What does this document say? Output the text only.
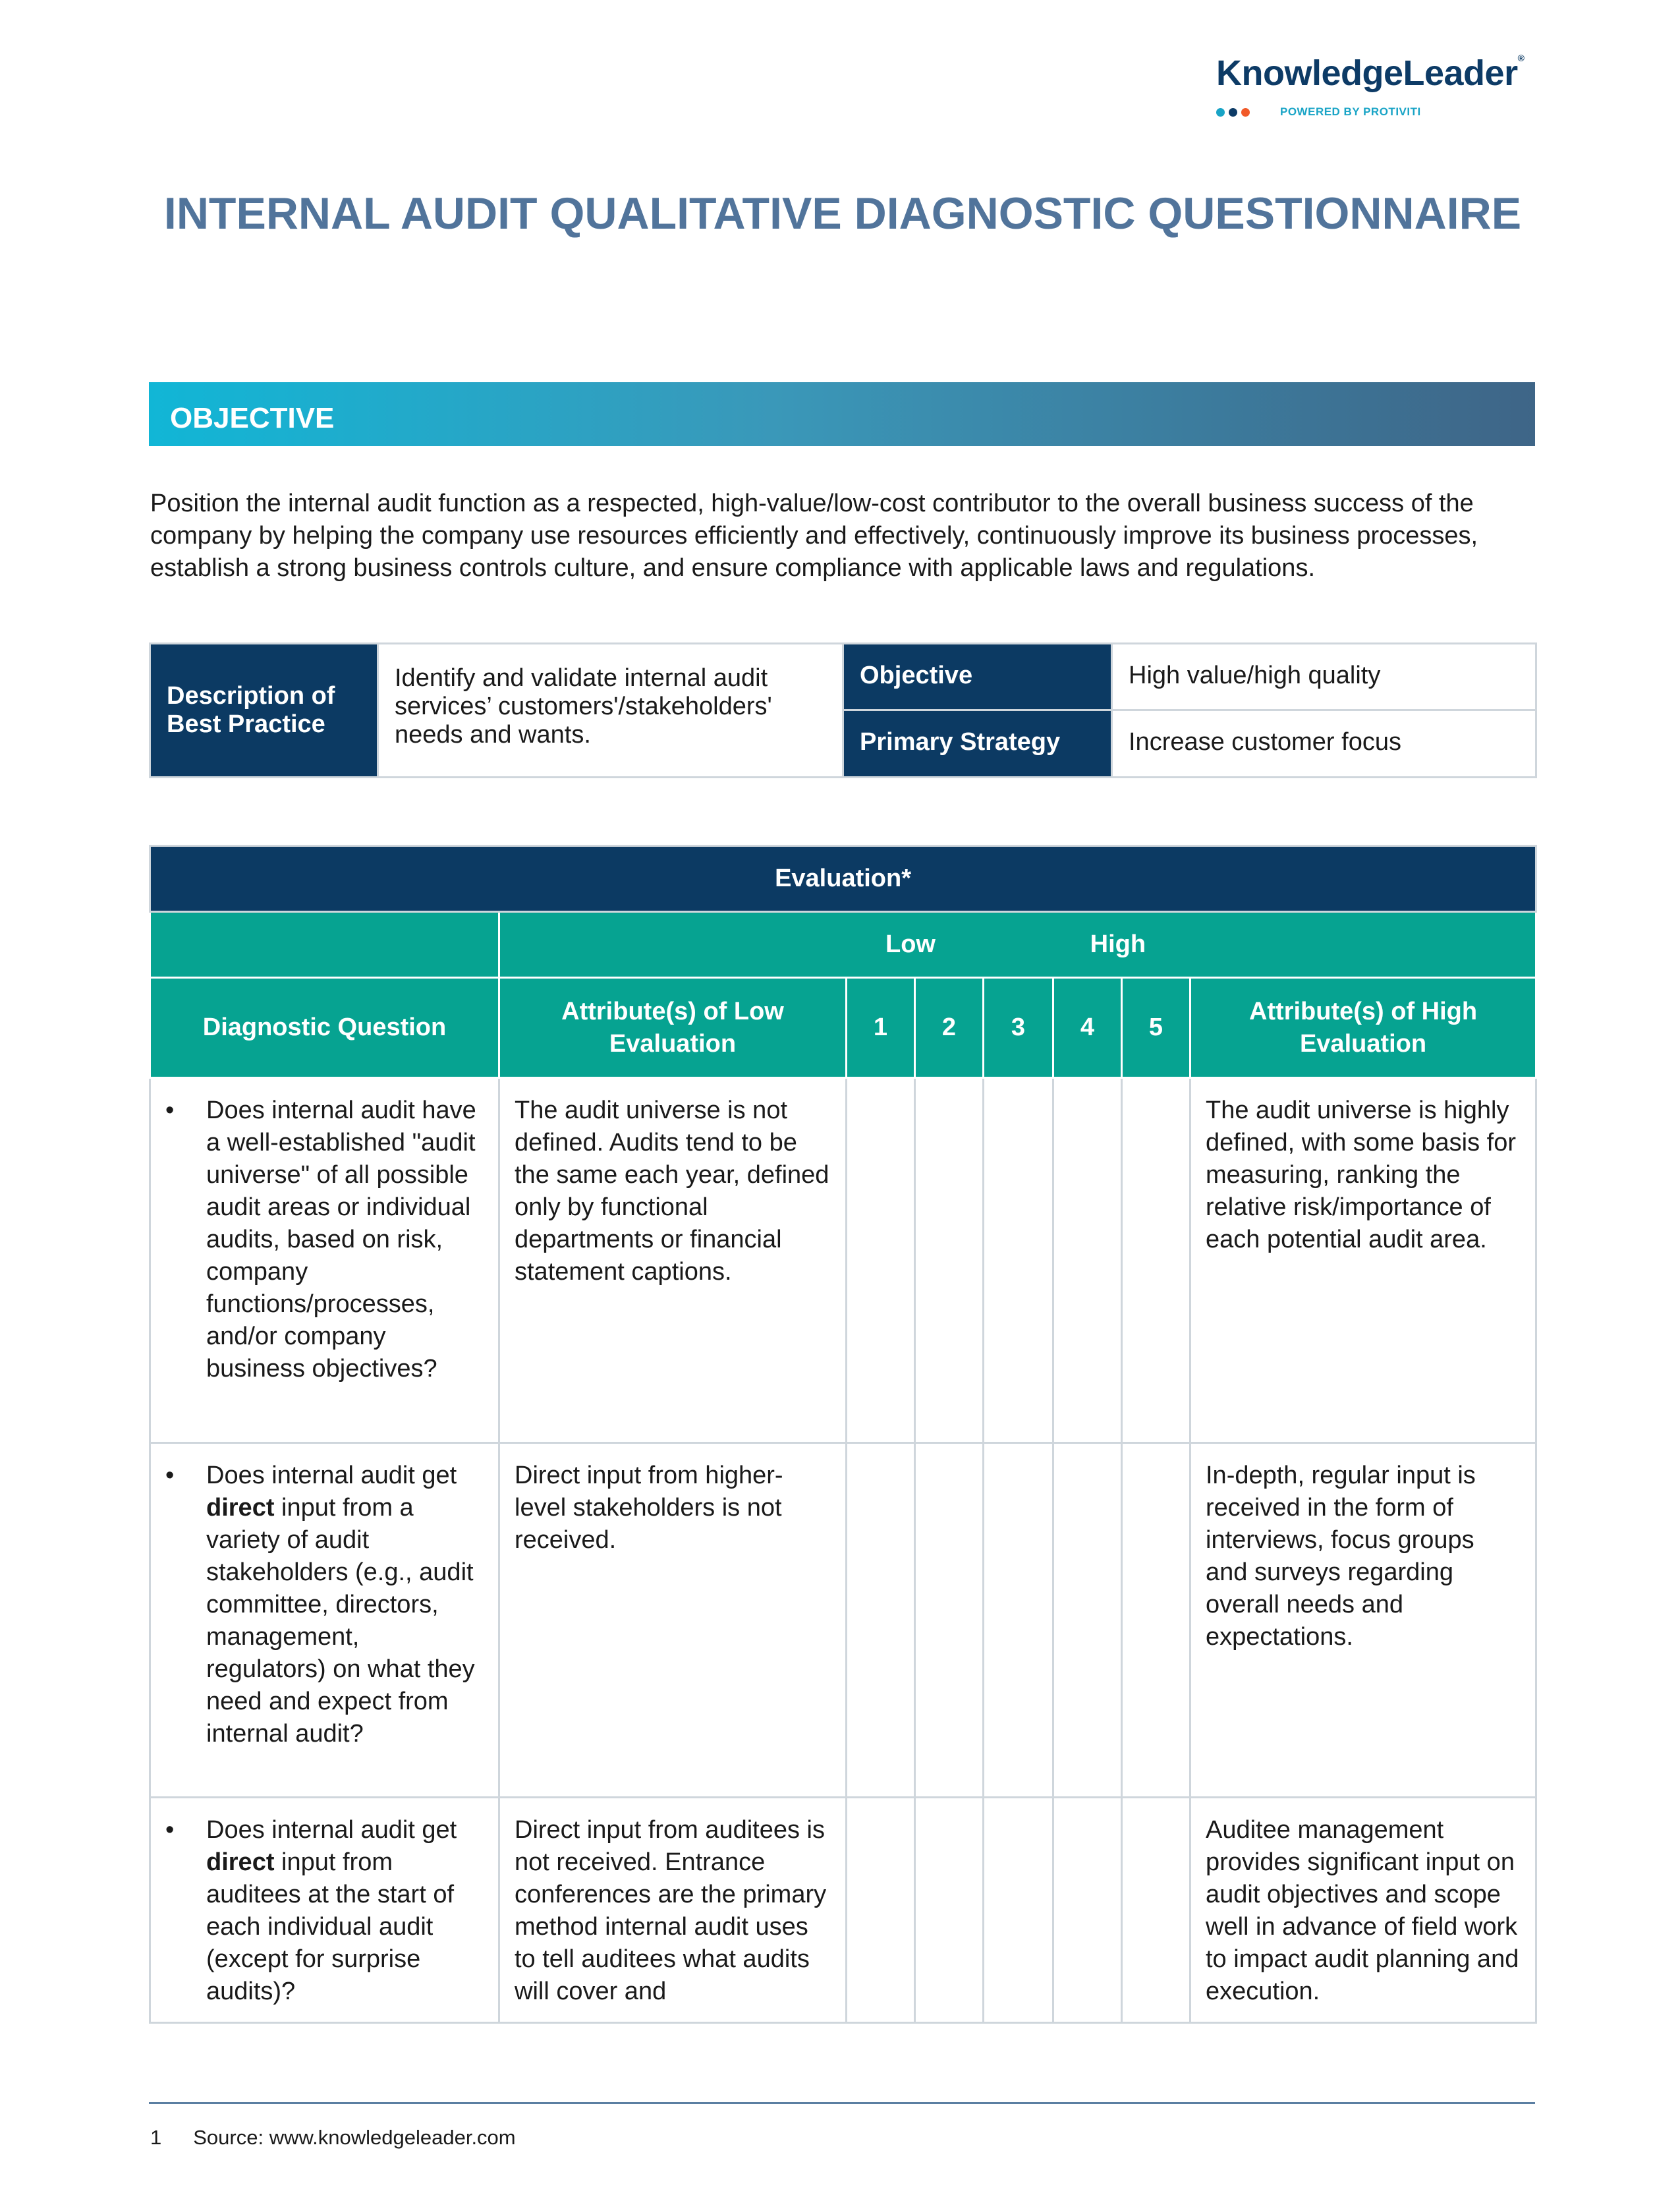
KnowledgeLeader®
POWERED BY PROTIVITI
INTERNAL AUDIT QUALITATIVE DIAGNOSTIC QUESTIONNAIRE
OBJECTIVE
Position the internal audit function as a respected, high-value/low-cost contributor to the overall business success of the company by helping the company use resources efficiently and effectively, continuously improve its business processes, establish a strong business controls culture, and ensure compliance with applicable laws and regulations.
Description of Best Practice	Identify and validate internal audit services’ customers'/stakeholders' needs and wants.	Objective	High value/high quality
		Primary Strategy	Increase customer focus
Evaluation*							

	Low High						

Diagnostic Question	Attribute(s) of Low Evaluation	1	2	3	4	5	Attribute(s) of High Evaluation

• Does internal audit have a well-established "audit universe" of all possible audit areas or individual audits, based on risk, company functions/processes, and/or company business objectives?	The audit universe is not defined. Audits tend to be the same each year, defined only by functional departments or financial statement captions.						The audit universe is highly defined, with some basis for measuring, ranking the relative risk/importance of each potential audit area.

• Does internal audit get direct input from a variety of audit stakeholders (e.g., audit committee, directors, management, regulators) on what they need and expect from internal audit?	Direct input from higher-level stakeholders is not received.						In-depth, regular input is received in the form of interviews, focus groups and surveys regarding overall needs and expectations.

• Does internal audit get direct input from auditees at the start of each individual audit (except for surprise audits)?	Direct input from auditees is not received. Entrance conferences are the primary method internal audit uses to tell auditees what audits will cover and						Auditee management provides significant input on audit objectives and scope well in advance of field work to impact audit planning and execution.
1 Source: www.knowledgeleader.com
